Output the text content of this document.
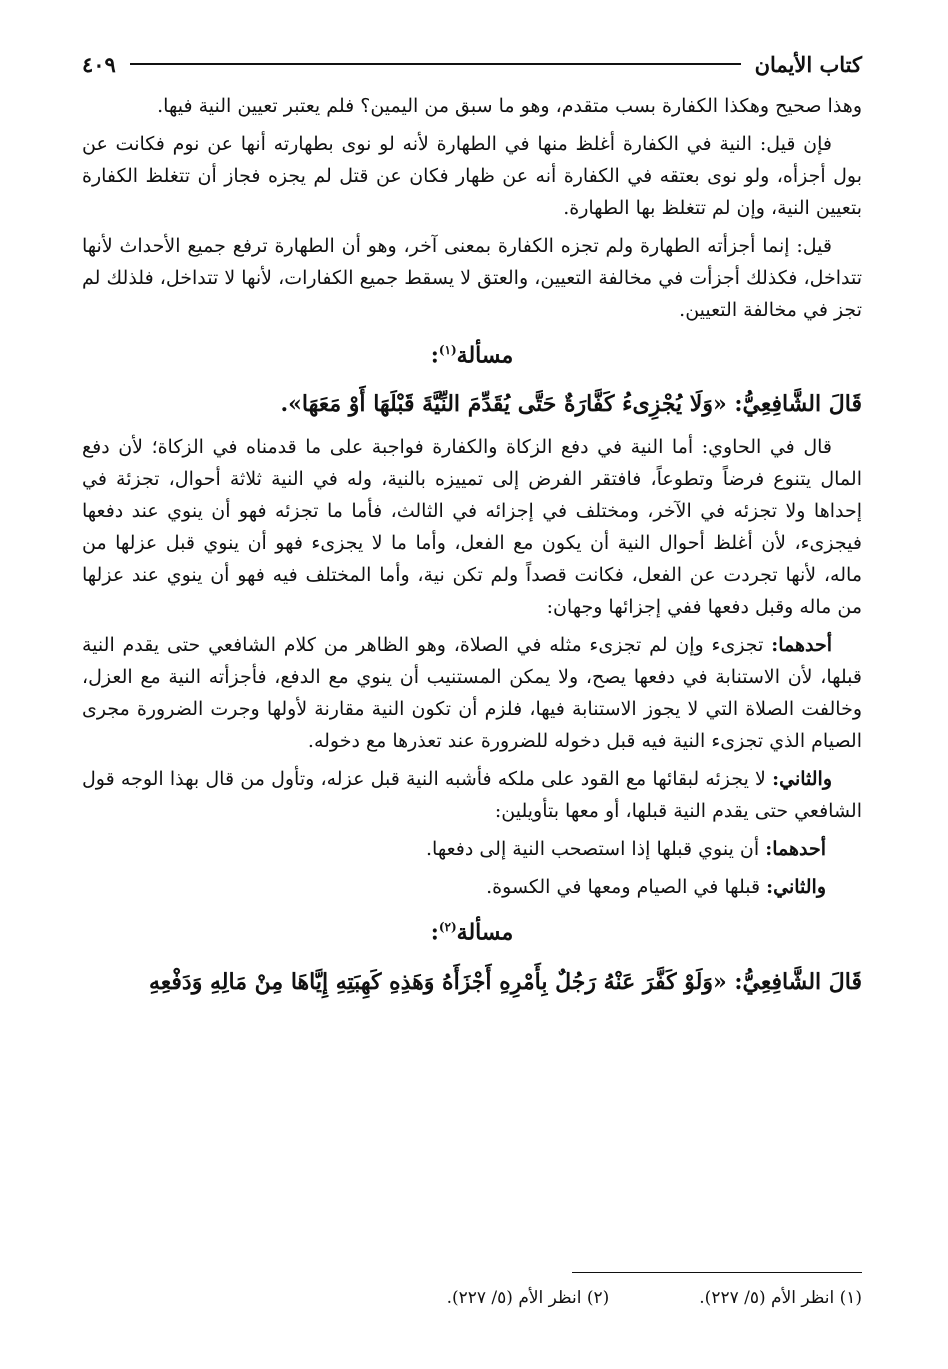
كتاب الأيمان
٤٠٩

وهذا صحيح وهكذا الكفارة بسب متقدم، وهو ما سبق من اليمين؟ فلم يعتبر تعيين النية فيها.

فإن قيل: النية في الكفارة أغلظ منها في الطهارة لأنه لو نوى بطهارته أنها عن نوم فكانت عن بول أجزأه، ولو نوى بعتقه في الكفارة أنه عن ظهار فكان عن قتل لم يجزه فجاز أن تتغلظ الكفارة بتعيين النية، وإن لم تتغلظ بها الطهارة.

قيل: إنما أجزأته الطهارة ولم تجزه الكفارة بمعنى آخر، وهو أن الطهارة ترفع جميع الأحداث لأنها تتداخل، فكذلك أجزأت في مخالفة التعيين، والعتق لا يسقط جميع الكفارات، لأنها لا تتداخل، فلذلك لم تجز في مخالفة التعيين.

مسألة$^{(١)}$:
قَالَ الشَّافِعِيُّ: «وَلَا يُجْزِىءُ كَفَّارَةٌ حَتَّى يُقَدِّمَ النِّيَّةَ قَبْلَهَا أَوْ مَعَهَا».

قال في الحاوي: أما النية في دفع الزكاة والكفارة فواجبة على ما قدمناه في الزكاة؛ لأن دفع المال يتنوع فرضاً وتطوعاً، فافتقر الفرض إلى تمييزه بالنية، وله في النية ثلاثة أحوال، تجزئة في إحداها ولا تجزئه في الآخر، ومختلف في إجزائه في الثالث، فأما ما تجزئه فهو أن ينوي عند دفعها فيجزىء، لأن أغلظ أحوال النية أن يكون مع الفعل، وأما ما لا يجزىء فهو أن ينوي قبل عزلها من ماله، لأنها تجردت عن الفعل، فكانت قصداً ولم تكن نية، وأما المختلف فيه فهو أن ينوي عند عزلها من ماله وقبل دفعها ففي إجزائها وجهان:

أحدهما: تجزىء وإن لم تجزىء مثله في الصلاة، وهو الظاهر من كلام الشافعي حتى يقدم النية قبلها، لأن الاستنابة في دفعها يصح، ولا يمكن المستنيب أن ينوي مع الدفع، فأجزأته النية مع العزل، وخالفت الصلاة التي لا يجوز الاستنابة فيها، فلزم أن تكون النية مقارنة لأولها وجرت الضرورة مجرى الصيام الذي تجزىء النية فيه قبل دخوله للضرورة عند تعذرها مع دخوله.

والثاني: لا يجزئه لبقائها مع القود على ملكه فأشبه النية قبل عزله، وتأول من قال بهذا الوجه قول الشافعي حتى يقدم النية قبلها، أو معها بتأويلين:

أحدهما: أن ينوي قبلها إذا استصحب النية إلى دفعها.

والثاني: قبلها في الصيام ومعها في الكسوة.

مسألة$^{(٢)}$:
قَالَ الشَّافِعِيُّ: «وَلَوْ كَفَّرَ عَنْهُ رَجُلٌ بِأَمْرِهِ أَجْزَأَهُ وَهَذِهِ كَهِبَتِهِ إِيَّاهَا مِنْ مَالِهِ وَدَفْعِهِ
(١) انظر الأم (٥/ ٢٢٧).
(٢) انظر الأم (٥/ ٢٢٧).
